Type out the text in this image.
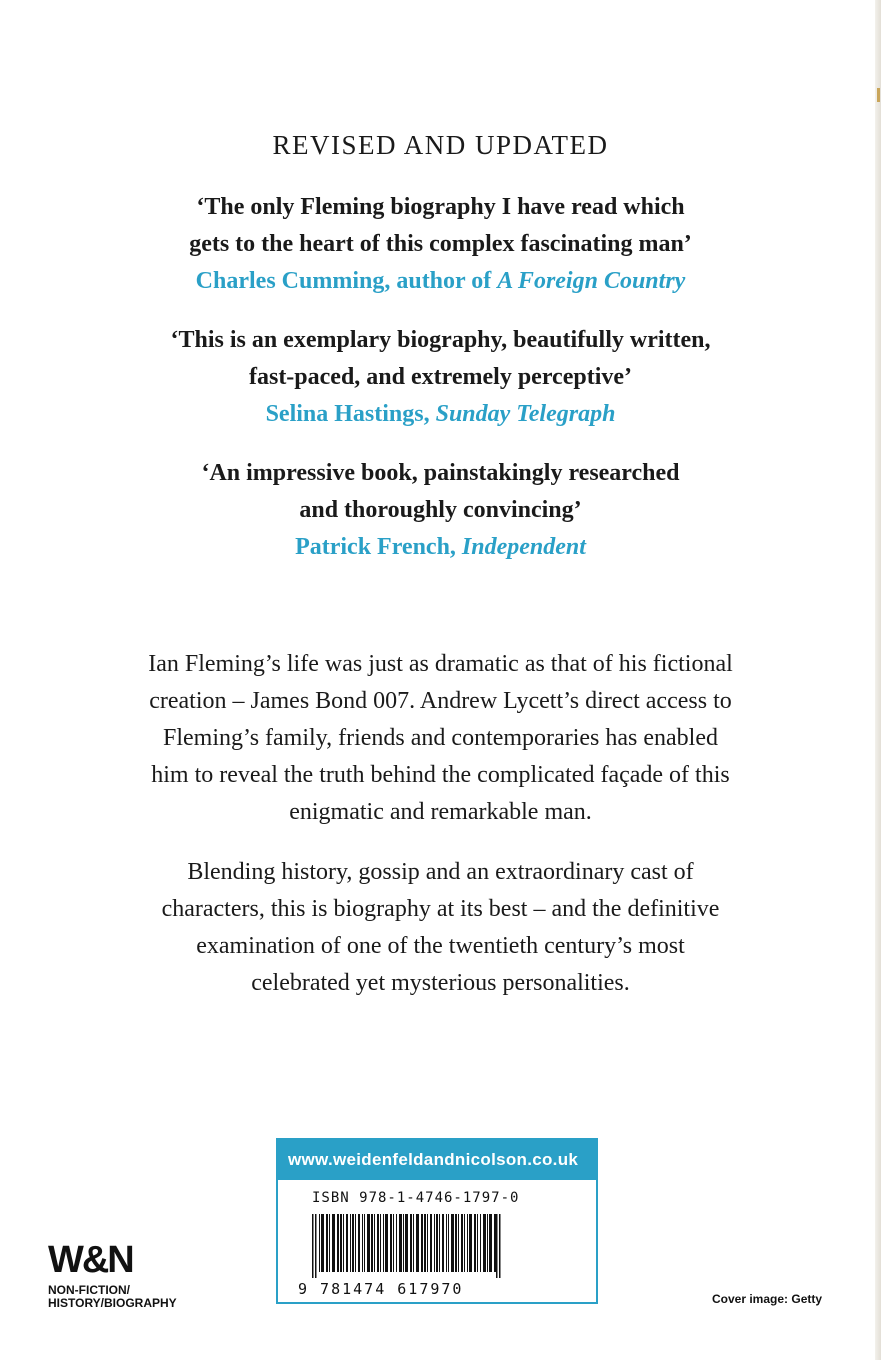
REVISED AND UPDATED
‘The only Fleming biography I have read which
gets to the heart of this complex fascinating man’
Charles Cumming, author of A Foreign Country
‘This is an exemplary biography, beautifully written,
fast-paced, and extremely perceptive’
Selina Hastings, Sunday Telegraph
‘An impressive book, painstakingly researched
and thoroughly convincing’
Patrick French, Independent
Ian Fleming’s life was just as dramatic as that of his fictional
creation – James Bond 007. Andrew Lycett’s direct access to
Fleming’s family, friends and contemporaries has enabled
him to reveal the truth behind the complicated façade of this
enigmatic and remarkable man.
Blending history, gossip and an extraordinary cast of
characters, this is biography at its best – and the definitive
examination of one of the twentieth century’s most
celebrated yet mysterious personalities.
W&N
NON-FICTION/
HISTORY/BIOGRAPHY
www.weidenfeldandnicolson.co.uk
ISBN 978-1-4746-1797-0
9 781474 617970
Cover image: Getty
